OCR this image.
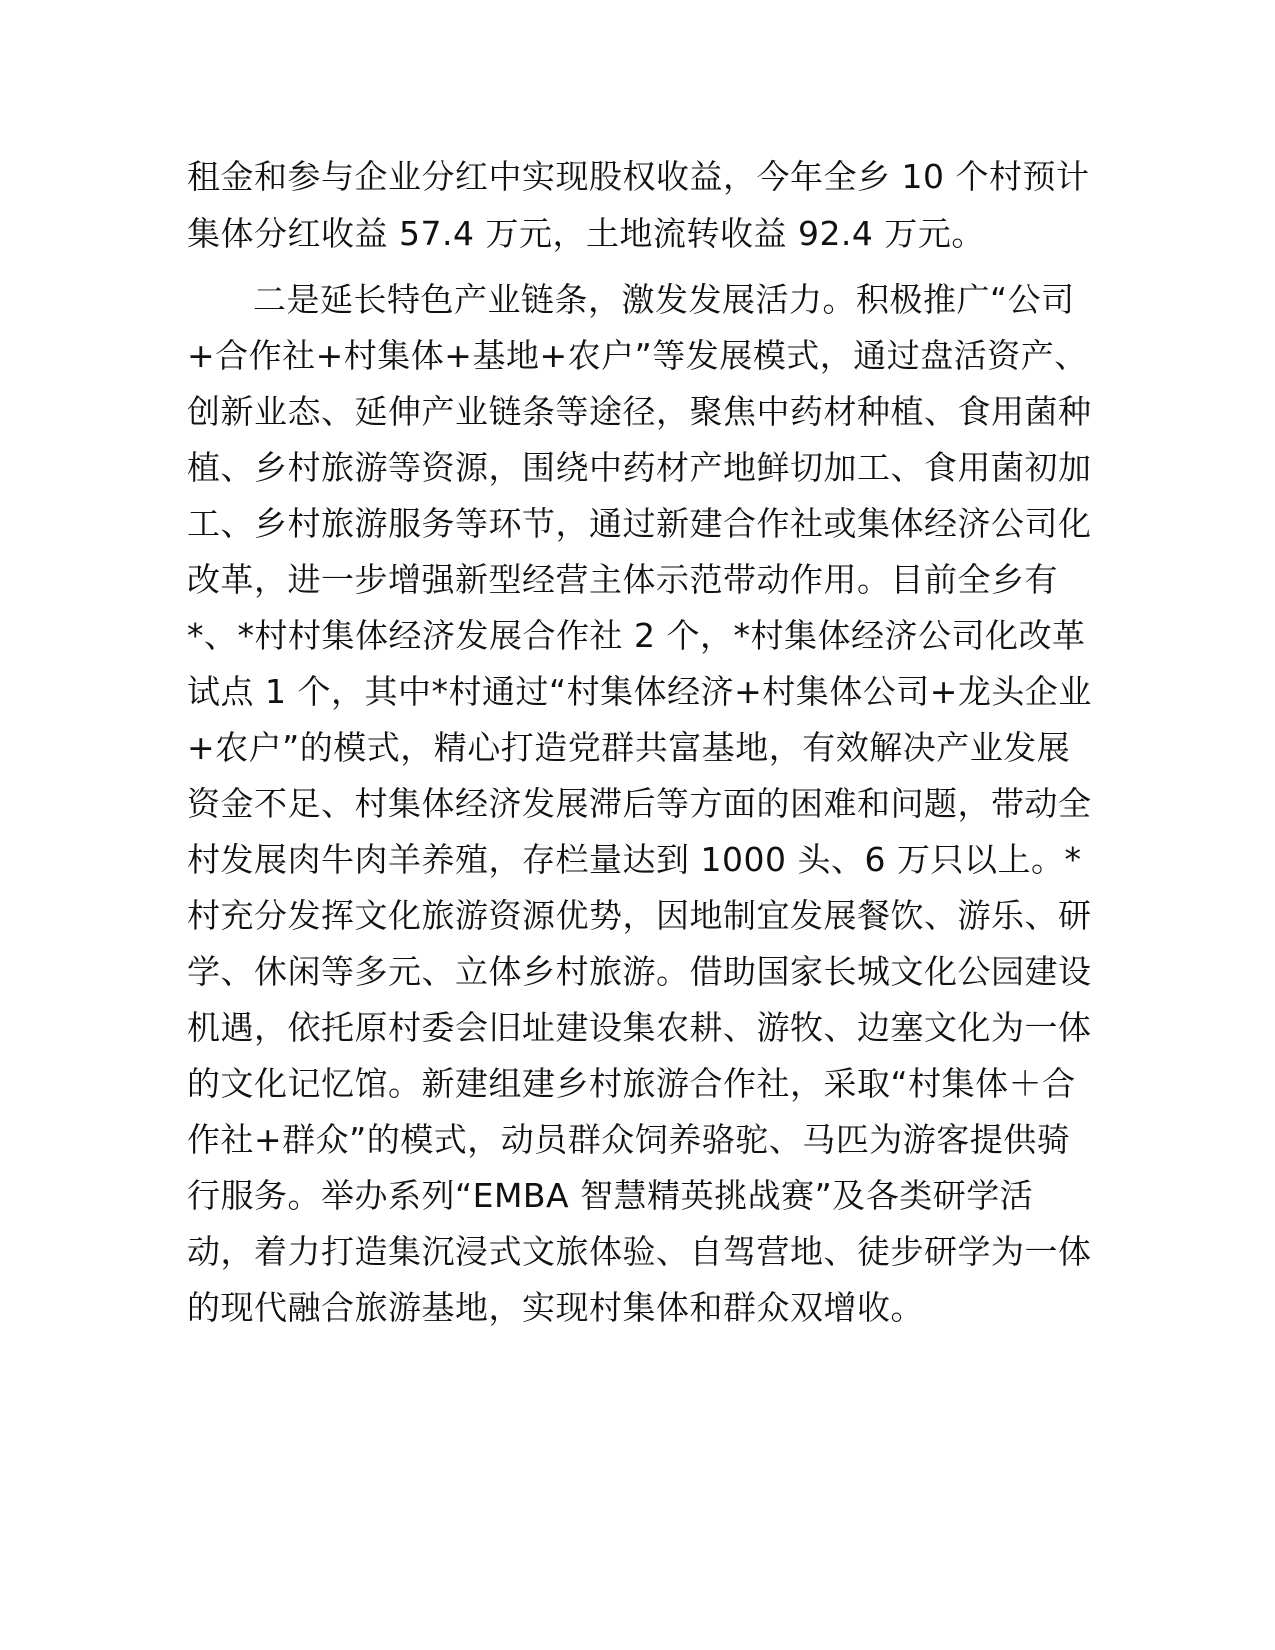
租金和参与企业分红中实现股权收益，今年全乡 10 个村预计
集体分红收益 57.4 万元，土地流转收益 92.4 万元。
二是延长特色产业链条，激发发展活力。积极推广“公司
+合作社+村集体+基地+农户”等发展模式，通过盘活资产、
创新业态、延伸产业链条等途径，聚焦中药材种植、食用菌种
植、乡村旅游等资源，围绕中药材产地鲜切加工、食用菌初加
工、乡村旅游服务等环节，通过新建合作社或集体经济公司化
改革，进一步增强新型经营主体示范带动作用。目前全乡有
*、*村村集体经济发展合作社 2 个，*村集体经济公司化改革
试点 1 个，其中*村通过“村集体经济+村集体公司+龙头企业
+农户”的模式，精心打造党群共富基地，有效解决产业发展
资金不足、村集体经济发展滞后等方面的困难和问题，带动全
村发展肉牛肉羊养殖，存栏量达到 1000 头、6 万只以上。*
村充分发挥文化旅游资源优势，因地制宜发展餐饮、游乐、研
学、休闲等多元、立体乡村旅游。借助国家长城文化公园建设
机遇，依托原村委会旧址建设集农耕、游牧、边塞文化为一体
的文化记忆馆。新建组建乡村旅游合作社，采取“村集体＋合
作社+群众”的模式，动员群众饲养骆驼、马匹为游客提供骑
行服务。举办系列“EMBA 智慧精英挑战赛”及各类研学活
动，着力打造集沉浸式文旅体验、自驾营地、徒步研学为一体
的现代融合旅游基地，实现村集体和群众双增收。
